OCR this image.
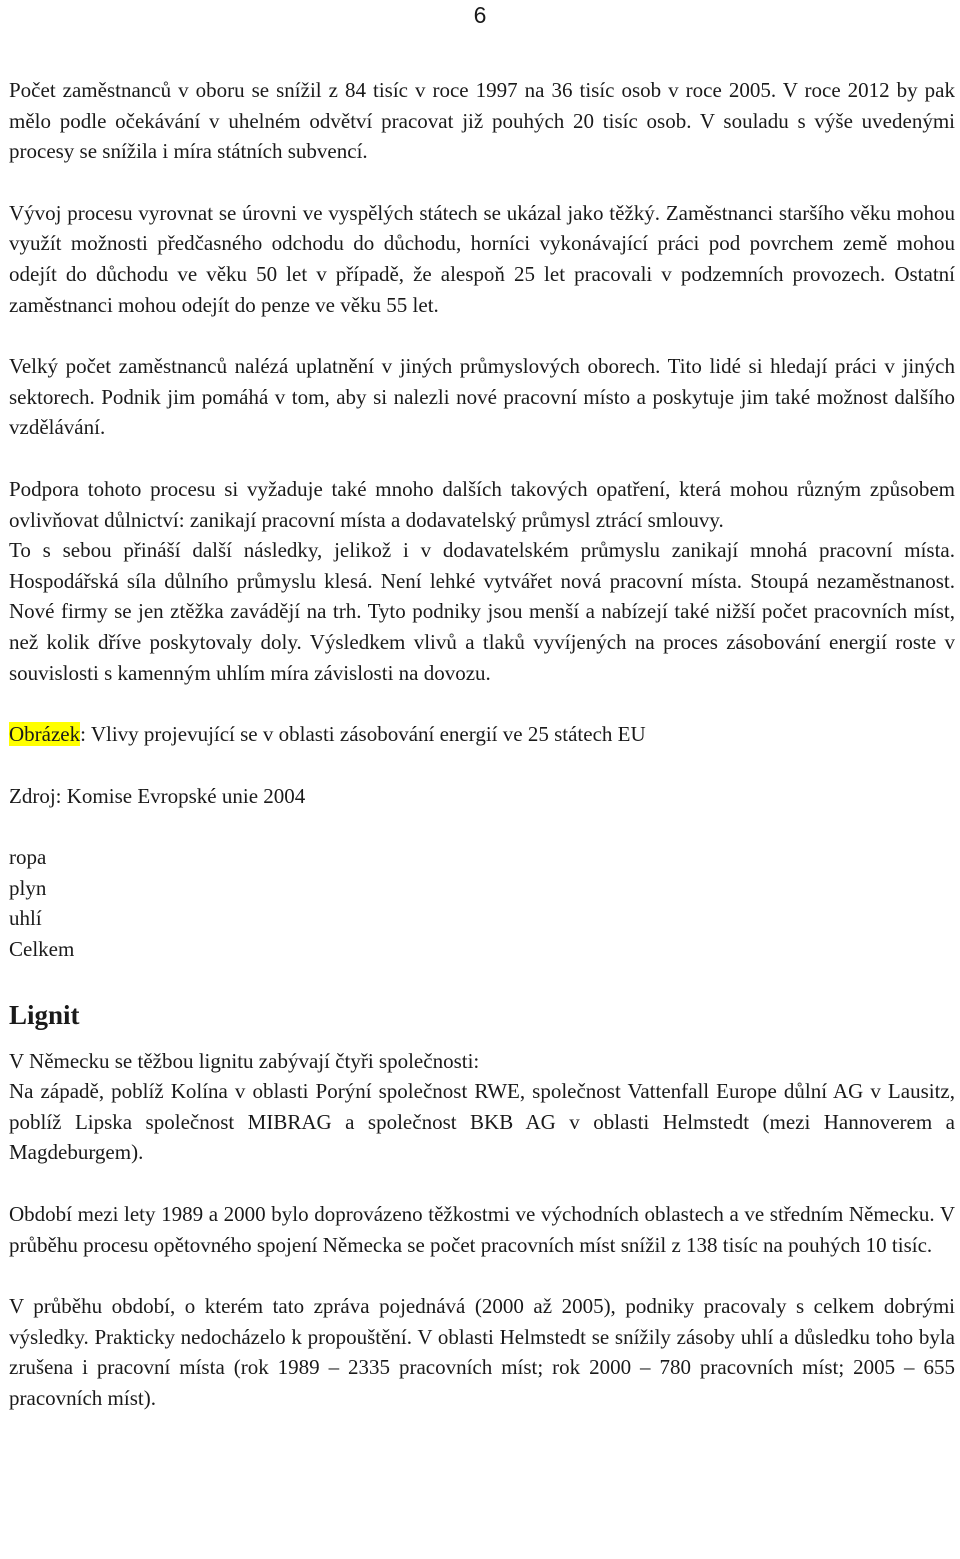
6

Počet zaměstnanců v oboru se snížil z 84 tisíc v roce 1997 na 36 tisíc osob v roce 2005. V roce 2012 by pak mělo podle očekávání v uhelném odvětví pracovat již pouhých 20 tisíc osob. V souladu s výše uvedenými procesy se snížila i míra státních subvencí.

Vývoj procesu vyrovnat se úrovni ve vyspělých státech se ukázal jako těžký. Zaměstnanci staršího věku mohou využít možnosti předčasného odchodu do důchodu, horníci vykonávající práci pod povrchem země mohou odejít do důchodu ve věku 50 let v případě, že alespoň 25 let pracovali v podzemních provozech. Ostatní zaměstnanci mohou odejít do penze ve věku 55 let.

Velký počet zaměstnanců nalézá uplatnění v jiných průmyslových oborech. Tito lidé si hledají práci v jiných sektorech. Podnik jim pomáhá v tom, aby si nalezli nové pracovní místo a poskytuje jim také možnost dalšího vzdělávání.

Podpora tohoto procesu si vyžaduje také mnoho dalších takových opatření, která mohou různým způsobem ovlivňovat důlnictví: zanikají pracovní místa a dodavatelský průmysl ztrácí smlouvy.

To s sebou přináší další následky, jelikož i v dodavatelském průmyslu zanikají mnohá pracovní místa. Hospodářská síla důlního průmyslu klesá. Není lehké vytvářet nová pracovní místa. Stoupá nezaměstnanost. Nové firmy se jen ztěžka zavádějí na trh. Tyto podniky jsou menší a nabízejí také nižší počet pracovních míst, než kolik dříve poskytovaly doly. Výsledkem vlivů a tlaků vyvíjených na proces zásobování energií roste v souvislosti s kamenným uhlím míra závislosti na dovozu.

Obrázek: Vlivy projevující se v oblasti zásobování energií ve 25 státech EU

Zdroj: Komise Evropské unie 2004

ropa
plyn
uhlí
Celkem
Lignit

V Německu se těžbou lignitu zabývají čtyři společnosti:

Na západě, poblíž Kolína v oblasti Porýní společnost RWE, společnost Vattenfall Europe důlní AG v Lausitz, poblíž Lipska společnost MIBRAG a společnost BKB AG v oblasti Helmstedt (mezi Hannoverem a Magdeburgem).

Období mezi lety 1989 a 2000 bylo doprovázeno těžkostmi ve východních oblastech a ve středním Německu. V průběhu procesu opětovného spojení Německa se počet pracovních míst snížil z 138 tisíc na pouhých 10 tisíc.

V průběhu období, o kterém tato zpráva pojednává (2000 až 2005), podniky pracovaly s celkem dobrými výsledky. Prakticky nedocházelo k propouštění. V oblasti Helmstedt se snížily zásoby uhlí a důsledku toho byla zrušena i pracovní místa (rok 1989 – 2335 pracovních míst; rok 2000 – 780 pracovních míst; 2005 – 655 pracovních míst).
